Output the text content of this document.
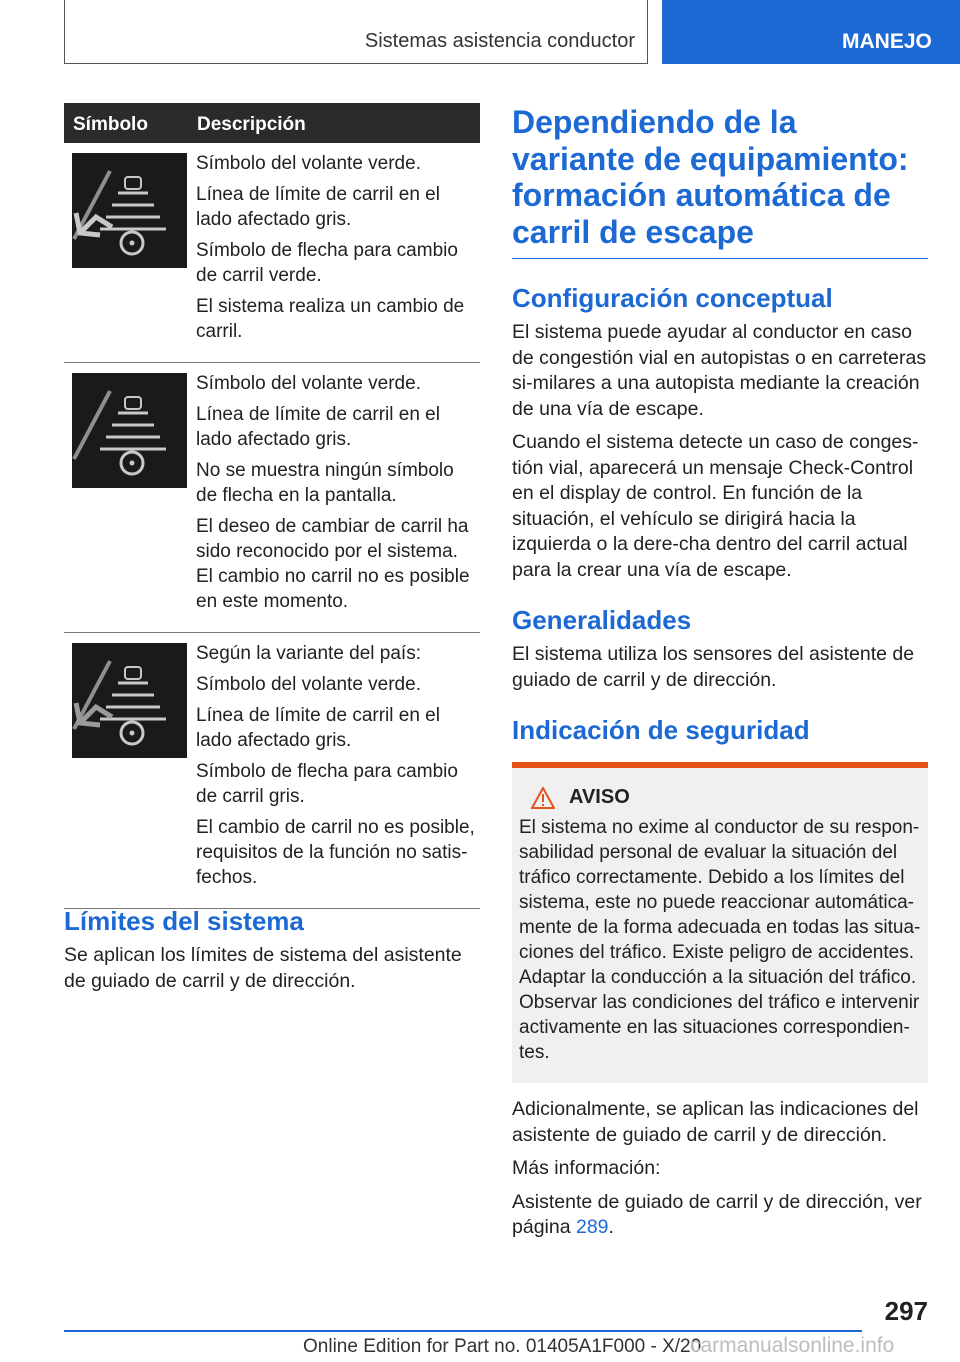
Sistemas asistencia conductor	MANEJO
Símbolo	Descripción

Símbolo del volante verde.

Línea de límite de carril en el lado afectado gris.

Símbolo de flecha para cambio de carril verde.

El sistema realiza un cambio de carril.

Símbolo del volante verde.

Línea de límite de carril en el lado afectado gris.

No se muestra ningún símbolo de flecha en la pantalla.

El deseo de cambiar de carril ha sido reconocido por el sistema. El cambio no carril no es posible en este momento.

Según la variante del país:

Símbolo del volante verde.

Línea de límite de carril en el lado afectado gris.

Símbolo de flecha para cambio de carril gris.

El cambio de carril no es posible, requisitos de la función no satis-fechos.

Límites del sistema

Se aplican los límites de sistema del asistente de guiado de carril y de dirección.

Dependiendo de la variante de equipamiento: formación automática de carril de escape
Configuración conceptual

El sistema puede ayudar al conductor en caso de congestión vial en autopistas o en carreteras si-milares a una autopista mediante la creación de una vía de escape.

Cuando el sistema detecte un caso de conges-tión vial, aparecerá un mensaje Check-Control en el display de control. En función de la situación, el vehículo se dirigirá hacia la izquierda o la dere-cha dentro del carril actual para la crear una vía de escape.

Generalidades

El sistema utiliza los sensores del asistente de guiado de carril y de dirección.

Indicación de seguridad
AVISO

El sistema no exime al conductor de su respon-sabilidad personal de evaluar la situación del tráfico correctamente. Debido a los límites del sistema, este no puede reaccionar automática-mente de la forma adecuada en todas las situa-ciones del tráfico. Existe peligro de accidentes. Adaptar la conducción a la situación del tráfico. Observar las condiciones del tráfico e intervenir activamente en las situaciones correspondien-tes.

Adicionalmente, se aplican las indicaciones del asistente de guiado de carril y de dirección.

Más información:

Asistente de guiado de carril y de dirección, ver página 289.

297
Online Edition for Part no. 01405A1F000 - X/20
carmanualsonline.info
